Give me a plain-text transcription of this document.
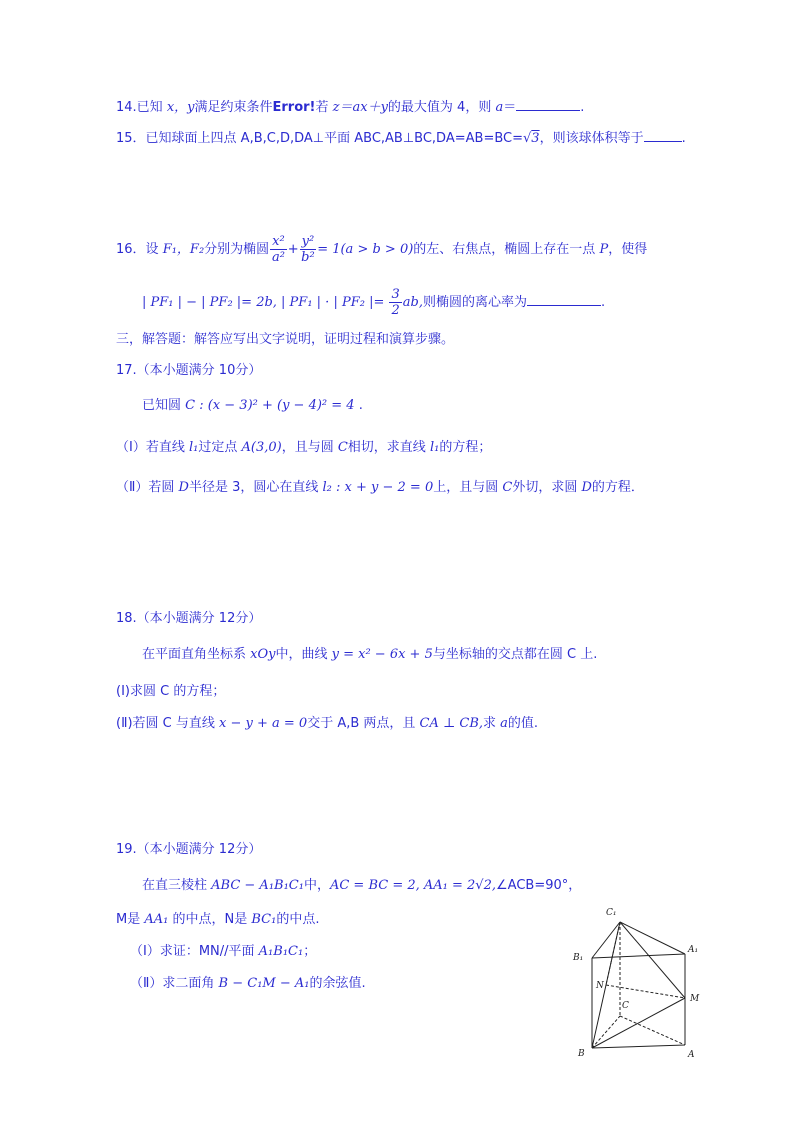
14.已知 x，y满足约束条件Error!若 z＝ax＋y的最大值为 4，则 a＝	.
15．已知球面上四点 A,B,C,D,DA⊥平面 ABC,AB⊥BC,DA=AB=BC=√3，则该球体积等于	.
16．设 F₁，F₂分别为椭圆 $\frac{\text{x²}}{\text{a²}} + \frac{\text{y²}}{\text{b²}} = 1(a > b > 0)$的左、右焦点，椭圆上存在一点 P，使得
| PF₁ | − | PF₂ |= 2b, | PF₁ | · | PF₂ |= $\frac{3}{2}$ ab,则椭圆的离心率为	.
三，解答题：解答应写出文字说明，证明过程和演算步骤。
17.（本小题满分 10分）
已知圆 C : (x − 3)² + (y − 4)² = 4 .
（Ⅰ）若直线 l₁过定点 A(3,0)，且与圆 C相切，求直线 l₁的方程；
（Ⅱ）若圆 D半径是 3，圆心在直线 l₂ : x + y − 2 = 0上，且与圆 C外切，求圆 D的方程．
18.（本小题满分 12分）
在平面直角坐标系 xOy中，曲线 y = x² − 6x + 5与坐标轴的交点都在圆 C 上.
(Ⅰ)求圆 C 的方程；
(Ⅱ)若圆 C 与直线 x − y + a = 0交于 A,B 两点，且 CA ⊥ CB,求 a的值.
19.（本小题满分 12分）
在直三棱柱 ABC − A₁B₁C₁中，AC = BC = 2, AA₁ = 2√2,∠ACB=90°，
M是 AA₁ 的中点，N是 BC₁的中点.
（Ⅰ）求证：MN//平面 A₁B₁C₁；
（Ⅱ）求二面角 B − C₁M − A₁的余弦值.
C₁
B₁
A₁
N
C
M
B	A
